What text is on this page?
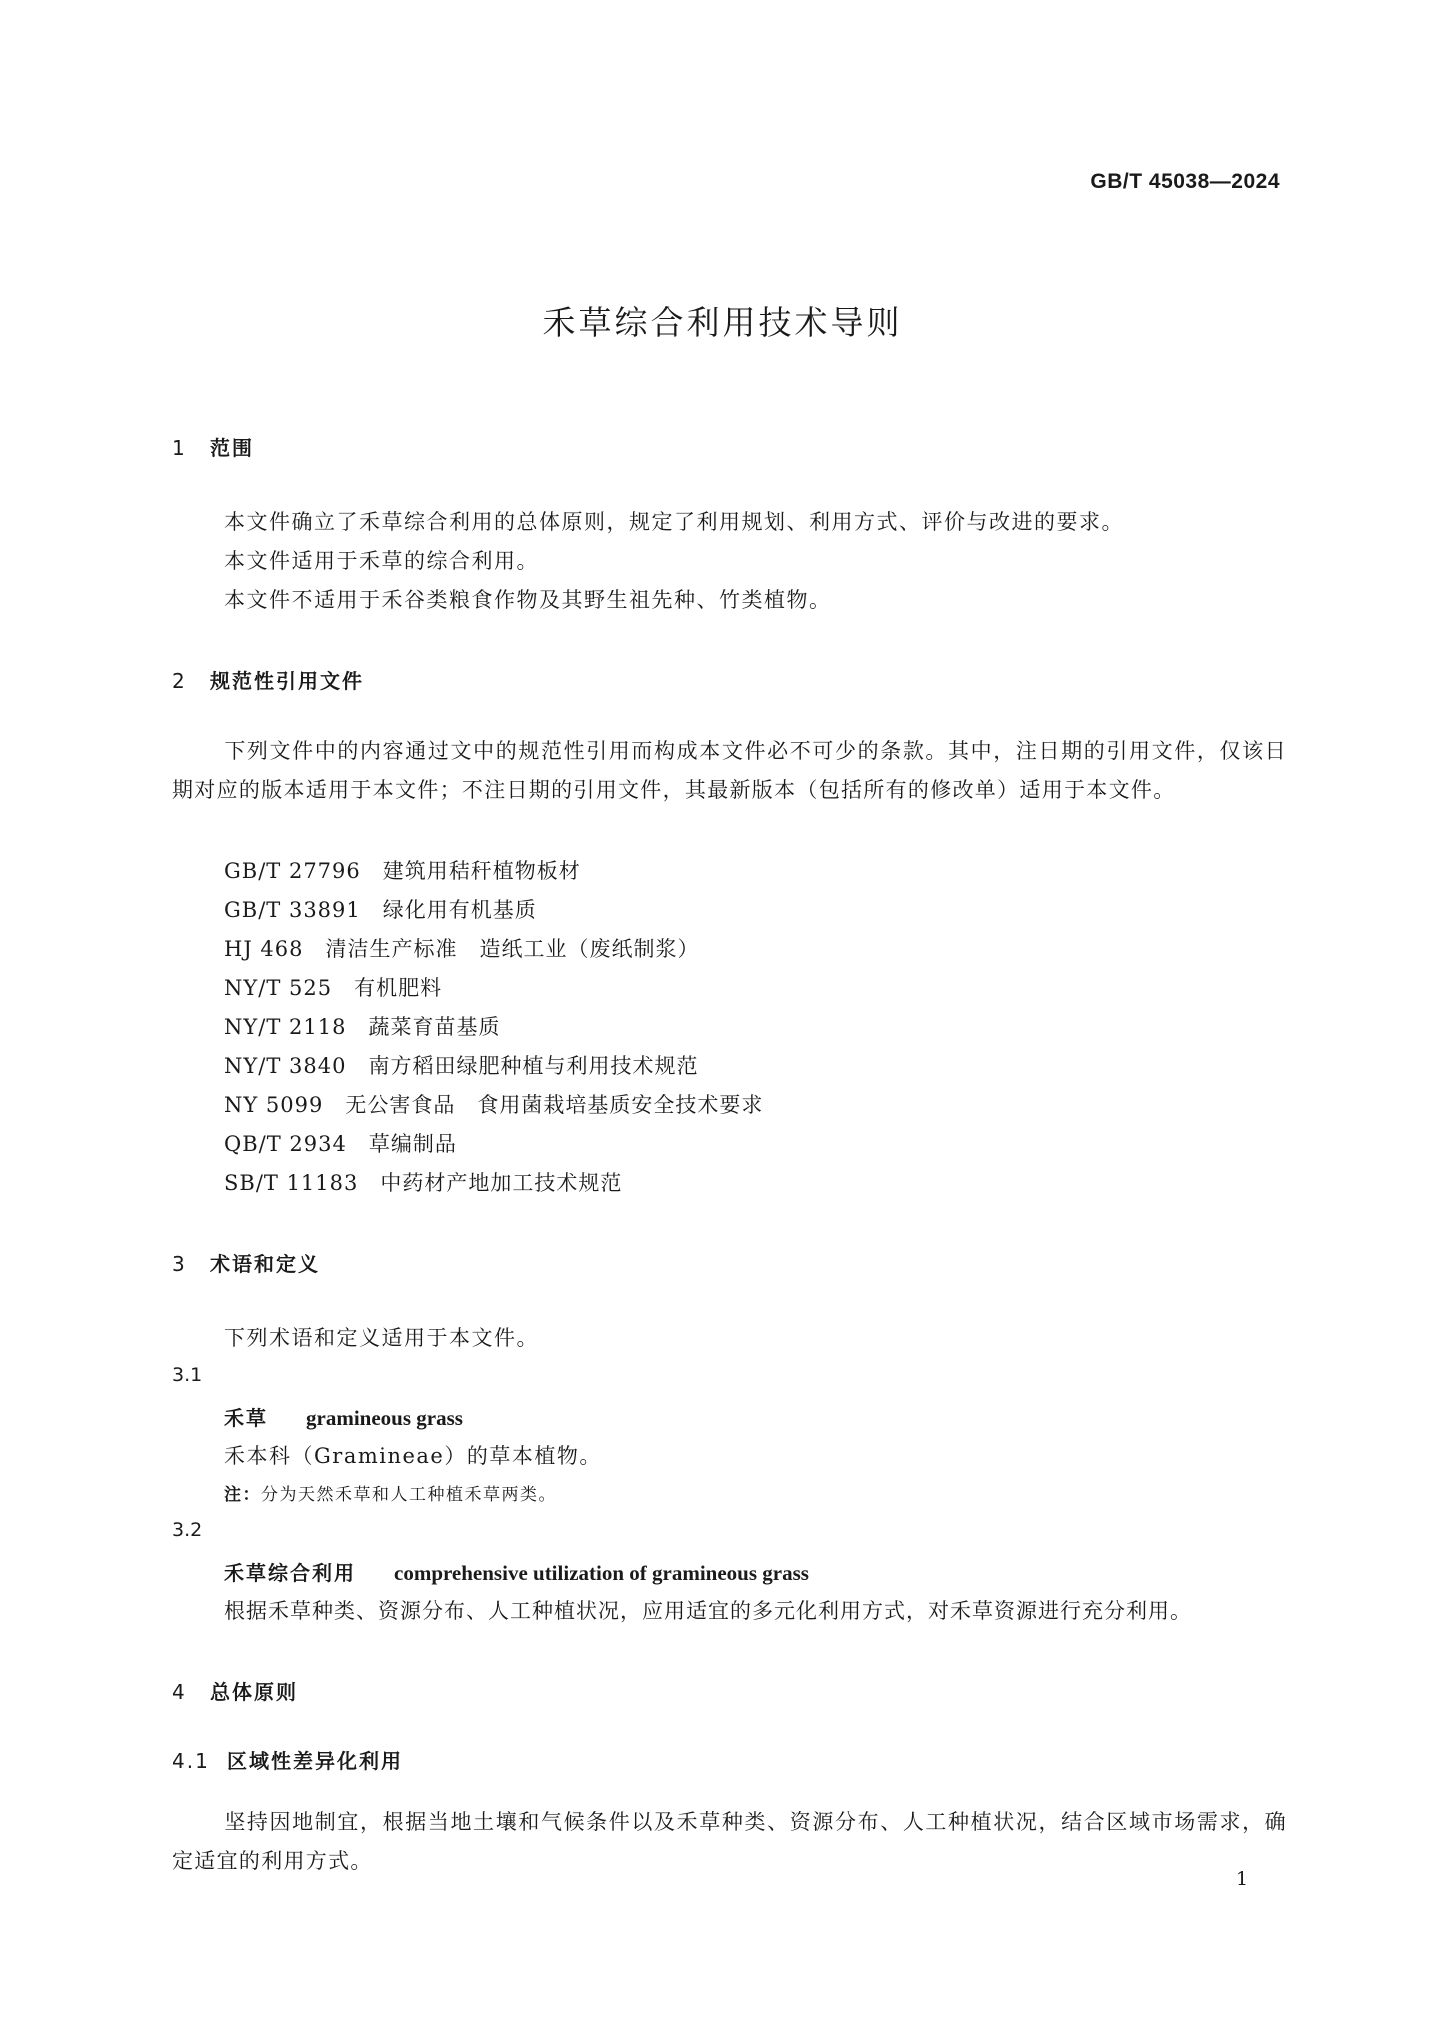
GB/T 45038—2024
禾草综合利用技术导则
1 范围
本文件确立了禾草综合利用的总体原则，规定了利用规划、利用方式、评价与改进的要求。
本文件适用于禾草的综合利用。
本文件不适用于禾谷类粮食作物及其野生祖先种、竹类植物。
2 规范性引用文件
下列文件中的内容通过文中的规范性引用而构成本文件必不可少的条款。其中，注日期的引用文件，仅该日期对应的版本适用于本文件；不注日期的引用文件，其最新版本（包括所有的修改单）适用于本文件。
GB/T 27796 建筑用秸秆植物板材
GB/T 33891 绿化用有机基质
HJ 468 清洁生产标准　造纸工业（废纸制浆）
NY/T 525 有机肥料
NY/T 2118 蔬菜育苗基质
NY/T 3840 南方稻田绿肥种植与利用技术规范
NY 5099 无公害食品　食用菌栽培基质安全技术要求
QB/T 2934 草编制品
SB/T 11183 中药材产地加工技术规范
3 术语和定义
下列术语和定义适用于本文件。
3.1
禾草 gramineous grass
禾本科（Gramineae）的草本植物。
注：分为天然禾草和人工种植禾草两类。
3.2
禾草综合利用 comprehensive utilization of gramineous grass
根据禾草种类、资源分布、人工种植状况，应用适宜的多元化利用方式，对禾草资源进行充分利用。
4 总体原则
4.1 区域性差异化利用
坚持因地制宜，根据当地土壤和气候条件以及禾草种类、资源分布、人工种植状况，结合区域市场需求，确定适宜的利用方式。
1
